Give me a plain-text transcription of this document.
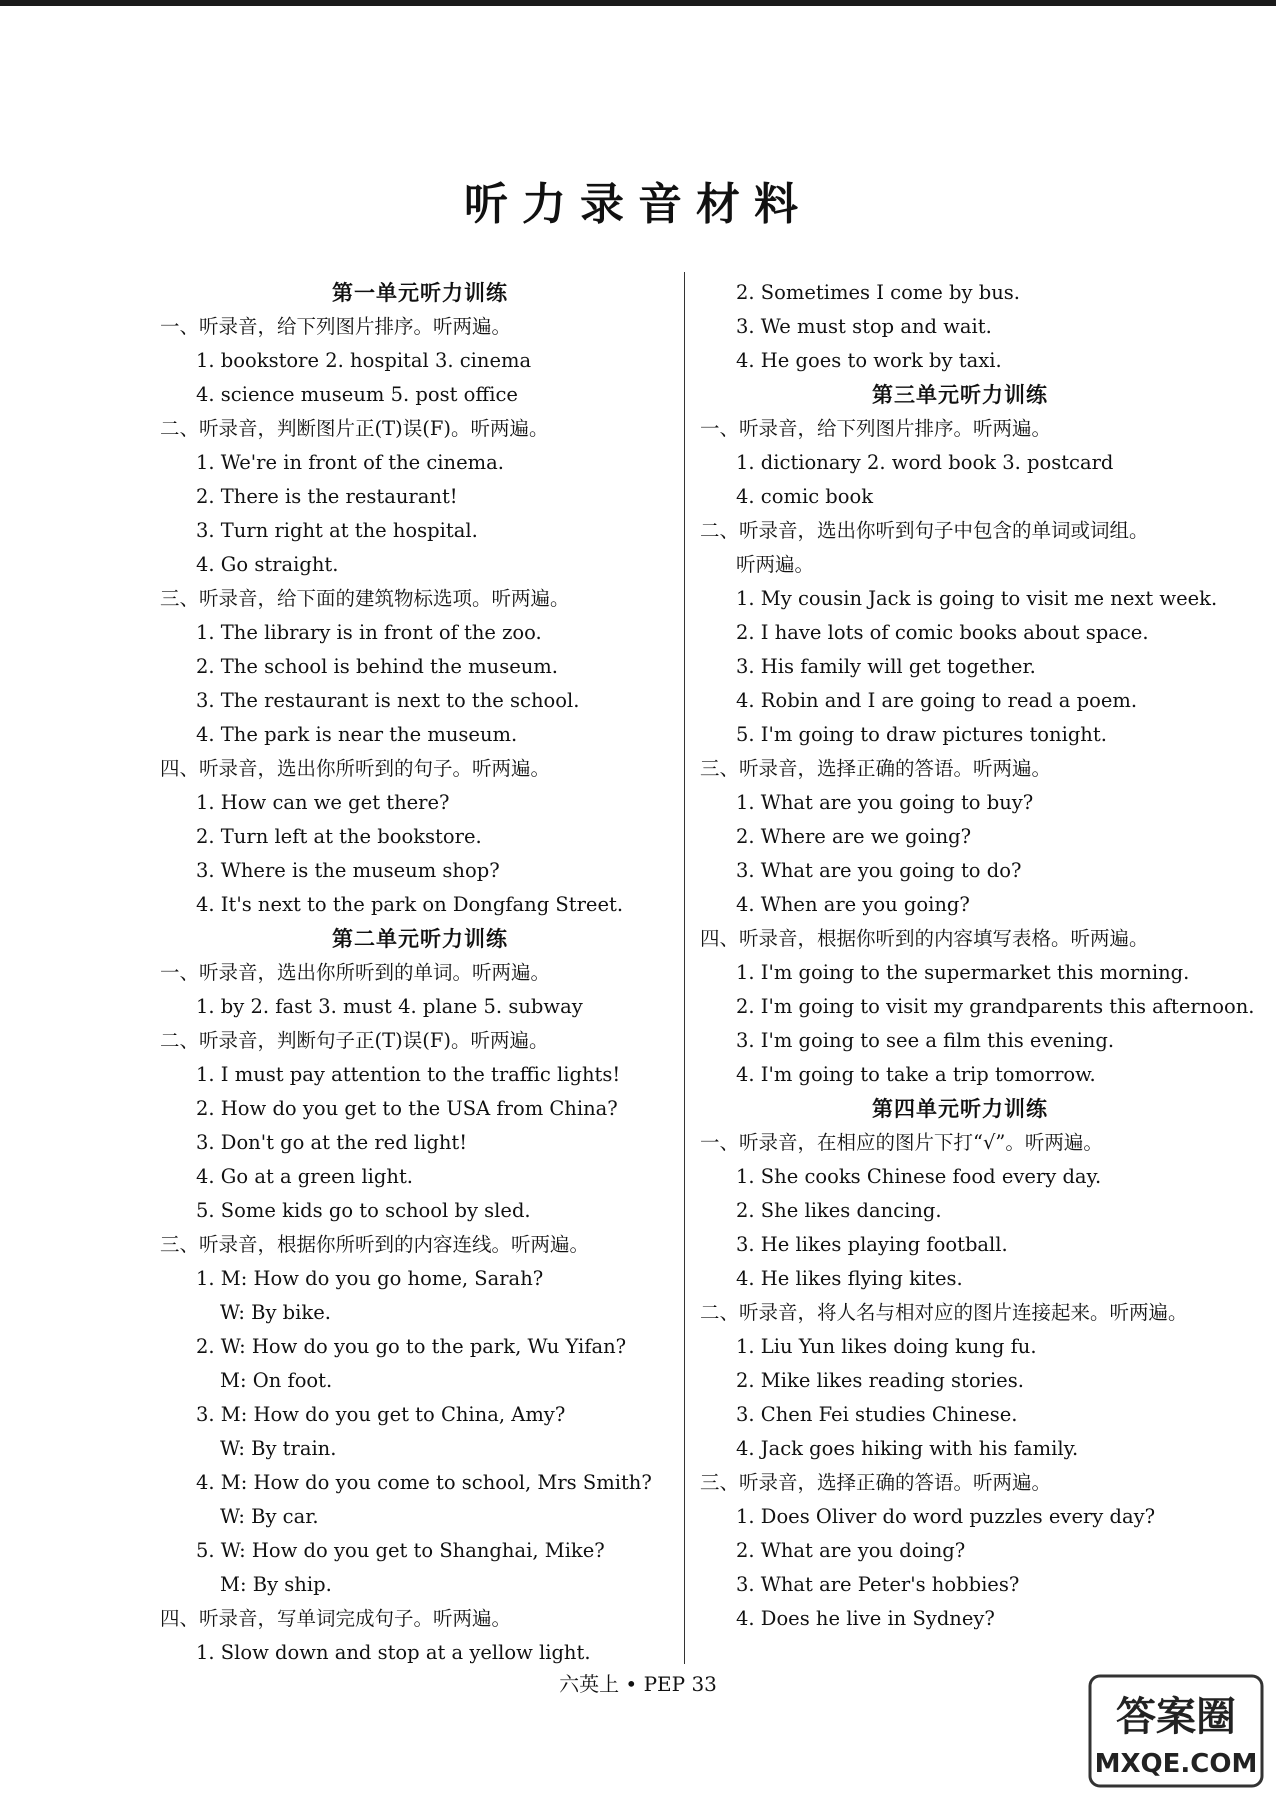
听力录音材料
第一单元听力训练
一、听录音，给下列图片排序。听两遍。
1. bookstore 2. hospital 3. cinema
4. science museum 5. post office
二、听录音，判断图片正(T)误(F)。听两遍。
1. We're in front of the cinema.
2. There is the restaurant!
3. Turn right at the hospital.
4. Go straight.
三、听录音，给下面的建筑物标选项。听两遍。
1. The library is in front of the zoo.
2. The school is behind the museum.
3. The restaurant is next to the school.
4. The park is near the museum.
四、听录音，选出你所听到的句子。听两遍。
1. How can we get there?
2. Turn left at the bookstore.
3. Where is the museum shop?
4. It's next to the park on Dongfang Street.
第二单元听力训练
一、听录音，选出你所听到的单词。听两遍。
1. by 2. fast 3. must 4. plane 5. subway
二、听录音，判断句子正(T)误(F)。听两遍。
1. I must pay attention to the traffic lights!
2. How do you get to the USA from China?
3. Don't go at the red light!
4. Go at a green light.
5. Some kids go to school by sled.
三、听录音，根据你所听到的内容连线。听两遍。
1. M: How do you go home, Sarah?
W: By bike.
2. W: How do you go to the park, Wu Yifan?
M: On foot.
3. M: How do you get to China, Amy?
W: By train.
4. M: How do you come to school, Mrs Smith?
W: By car.
5. W: How do you get to Shanghai, Mike?
M: By ship.
四、听录音，写单词完成句子。听两遍。
1. Slow down and stop at a yellow light.
2. Sometimes I come by bus.
3. We must stop and wait.
4. He goes to work by taxi.
第三单元听力训练
一、听录音，给下列图片排序。听两遍。
1. dictionary 2. word book 3. postcard
4. comic book
二、听录音，选出你听到句子中包含的单词或词组。
听两遍。
1. My cousin Jack is going to visit me next week.
2. I have lots of comic books about space.
3. His family will get together.
4. Robin and I are going to read a poem.
5. I'm going to draw pictures tonight.
三、听录音，选择正确的答语。听两遍。
1. What are you going to buy?
2. Where are we going?
3. What are you going to do?
4. When are you going?
四、听录音，根据你听到的内容填写表格。听两遍。
1. I'm going to the supermarket this morning.
2. I'm going to visit my grandparents this afternoon.
3. I'm going to see a film this evening.
4. I'm going to take a trip tomorrow.
第四单元听力训练
一、听录音，在相应的图片下打“√”。听两遍。
1. She cooks Chinese food every day.
2. She likes dancing.
3. He likes playing football.
4. He likes flying kites.
二、听录音，将人名与相对应的图片连接起来。听两遍。
1. Liu Yun likes doing kung fu.
2. Mike likes reading stories.
3. Chen Fei studies Chinese.
4. Jack goes hiking with his family.
三、听录音，选择正确的答语。听两遍。
1. Does Oliver do word puzzles every day?
2. What are you doing?
3. What are Peter's hobbies?
4. Does he live in Sydney?
六英上 • PEP 33
答案圈
MXQE.COM
